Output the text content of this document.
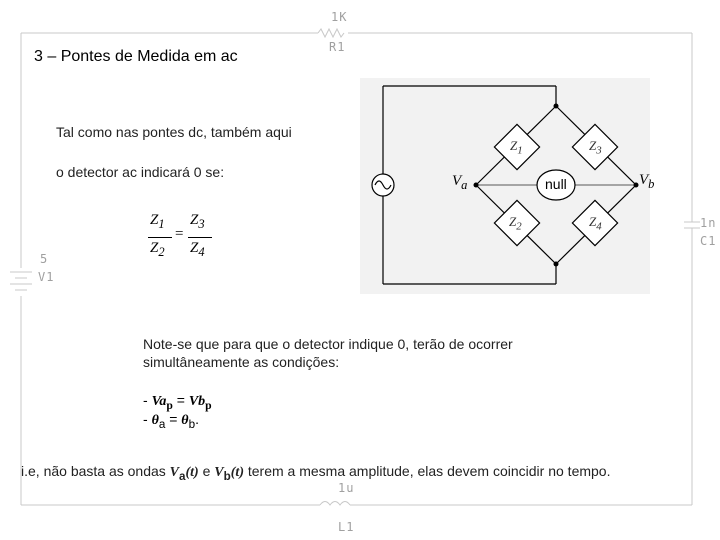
1K
R1
1n
C1
5
V1
1u
L1
3 – Pontes de Medida em ac
Tal como nas pontes dc, também aqui
o detector ac indicará 0 se:
$Z_1$
$Z_2$
=
$Z_3$
$Z_4$
$Z_1$	$Z_3$
$Z_2$	$Z_4$
null
$V_a$	$V_b$
Note-se que para que o detector indique 0, terão de ocorrer
simultâneamente as condições:
- $Va_p = Vb_p$
- $\theta_a = \theta_b$.
i.e, não basta as ondas $V_a(t)$ e $V_b(t)$ terem a mesma amplitude, elas devem coincidir no tempo.
